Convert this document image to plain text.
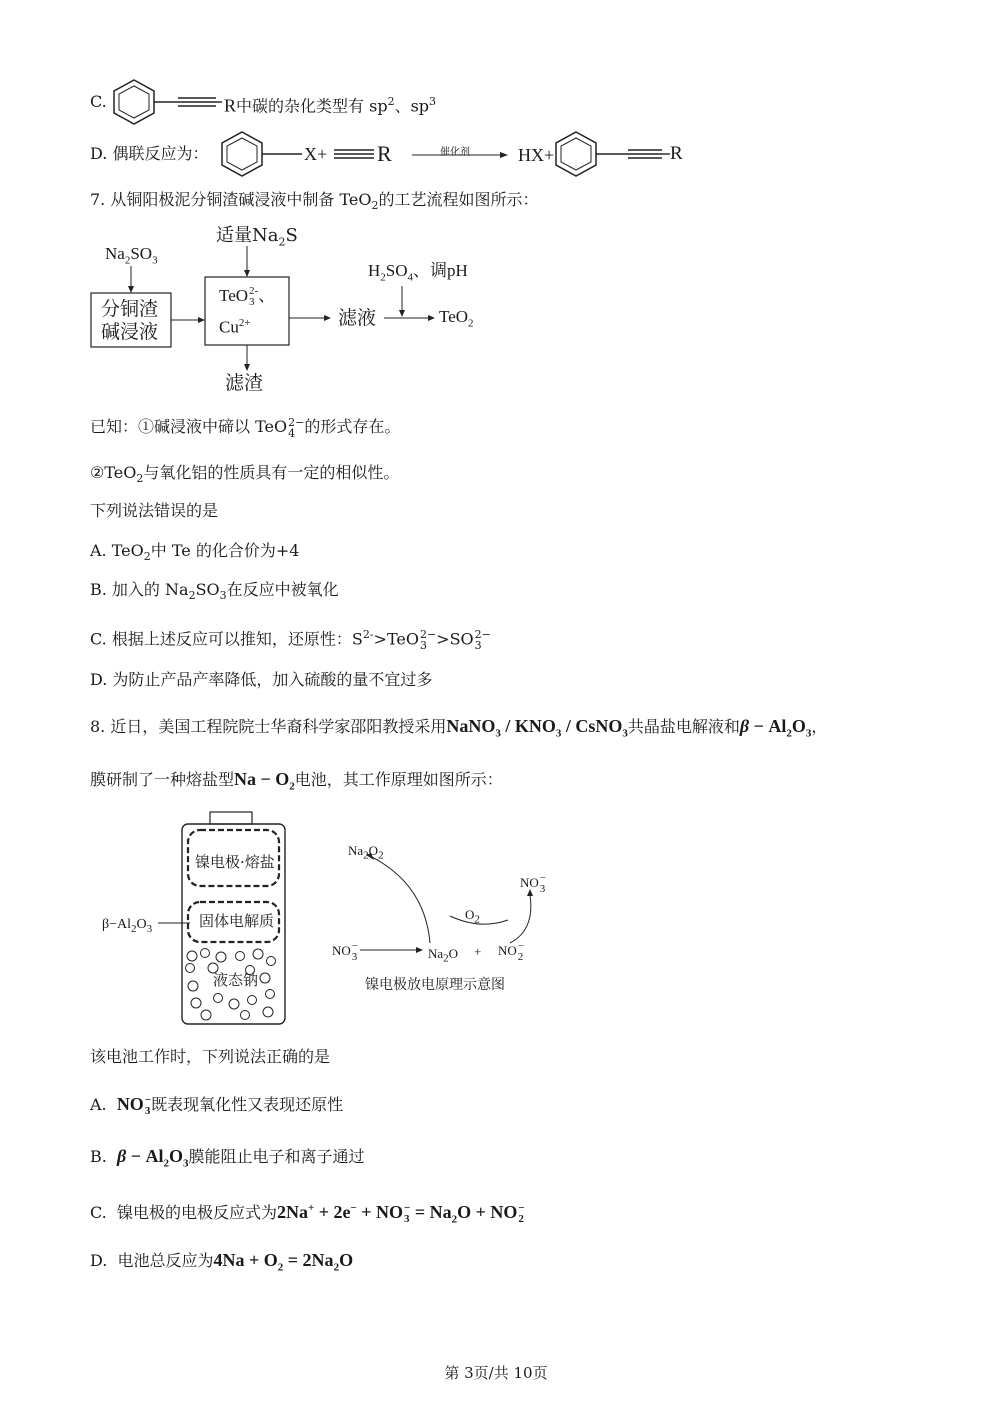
C.	R中碳的杂化类型有 $sp^2$、$sp^3$
D. 偶联反应为：	X+ R	催化剂	HX+	R
7. 从铜阳极泥分铜渣碱浸液中制备 TeO$_2$的工艺流程如图所示：
$Na_2SO_3$
分铜渣
碱浸液
适量$Na_2S$
TeO 2-
3 、
$Cu^{2+}$
滤渣
滤液
$H_2SO_4$、调pH
TeO$_2$
已知：①碱浸液中碲以 TeO 2−
4 的形式存在。
②TeO$_2$与氧化铝的性质具有一定的相似性。
下列说法错误的是
A. TeO$_2$中 Te 的化合价为+4
B. 加入的 $Na_2SO_3$在反应中被氧化
C. 根据上述反应可以推知，还原性：$S^{2-}>TeO$ 2−
3 >SO 2−
3
D. 为防止产品产率降低，加入硫酸的量不宜过多
8. 近日，美国工程院院士华裔科学家邵阳教授采用NaNO$_3$ / $KNO_3$ / CsNO$_3$共晶盐电解液和$\beta - Al_2O_3$，
膜研制了一种熔盐型$Na - O_2$电池，其工作原理如图所示：
镍电极·熔盐
固体电解质
液态钠
$\beta-Al_2O_3$
$Na_2O_2$
NO −
3
$O_2$
NO −
3	$Na_2O$ + NO −
2
镍电极放电原理示意图
该电池工作时，下列说法正确的是
A. NO −
3 既表现氧化性又表现还原性
B. $\beta - Al_2O_3$膜能阻止电子和离子通过
C. 镍电极的电极反应式为2Na+ + 2e− + NO −
$3 = Na_2O$ + NO −
2
D. 电池总反应为$4Na + O_2 = 2Na_2O$
第 3页/共 10页
